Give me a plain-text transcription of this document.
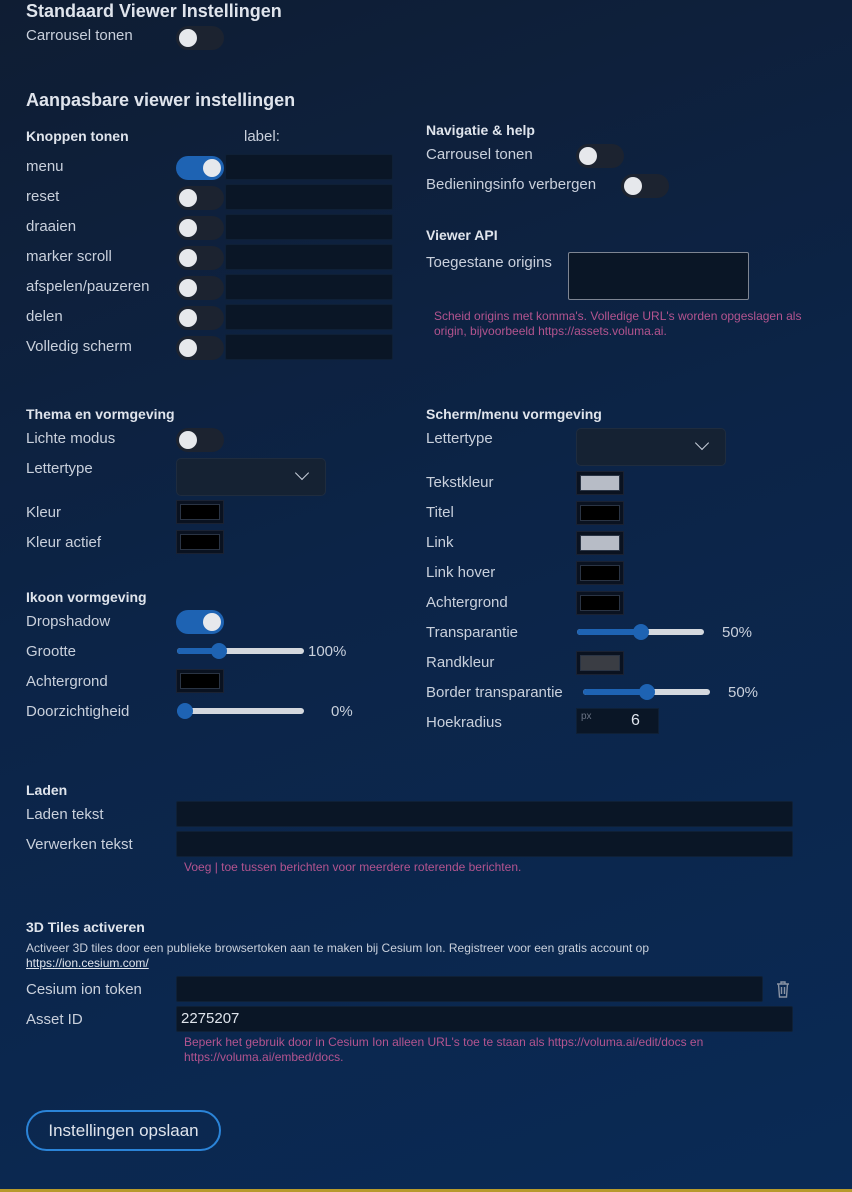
Standaard Viewer Instellingen
Carrousel tonen
Aanpasbare viewer instellingen
Knoppen tonen	label:
menu
reset
draaien
marker scroll
afspelen/pauzeren
delen
Volledig scherm
Navigatie & help
Carrousel tonen
Bedieningsinfo verbergen
Viewer API
Toegestane origins
Scheid origins met komma's. Volledige URL's worden opgeslagen als origin, bijvoorbeeld https://assets.voluma.ai.
Thema en vormgeving
Lichte modus
Lettertype
Kleur
Kleur actief
Ikoon vormgeving
Dropshadow
Grootte	100%
Achtergrond
Doorzichtigheid	0%
Scherm/menu vormgeving
Lettertype
Tekstkleur
Titel
Link
Link hover
Achtergrond
Transparantie	50%
Randkleur
Border transparantie	50%
Hoekradius	px 6
Laden
Laden tekst
Verwerken tekst
Voeg | toe tussen berichten voor meerdere roterende berichten.
3D Tiles activeren
Activeer 3D tiles door een publieke browsertoken aan te maken bij Cesium Ion. Registreer voor een gratis account op
https://ion.cesium.com/
Cesium ion token
Asset ID	2275207
Beperk het gebruik door in Cesium Ion alleen URL's toe te staan als https://voluma.ai/edit/docs en https://voluma.ai/embed/docs.
Instellingen opslaan
